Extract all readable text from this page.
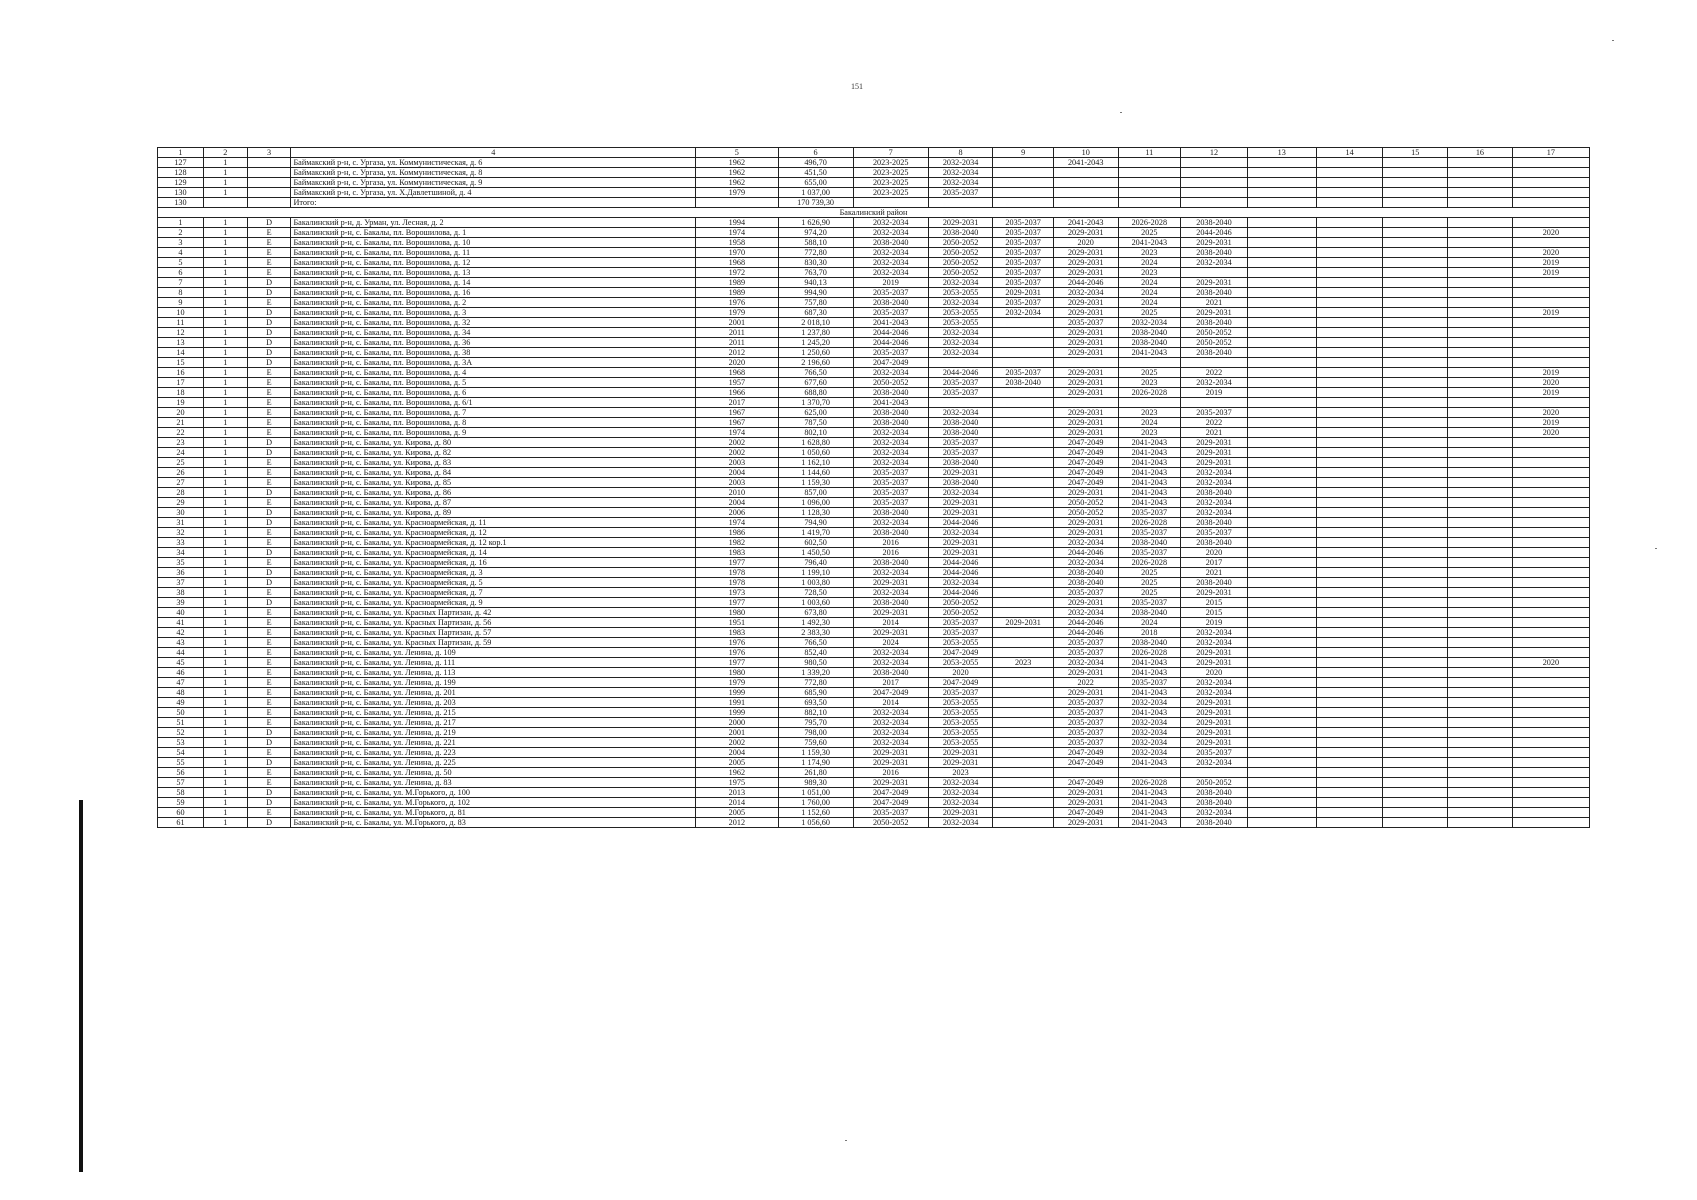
151
1	2	3	4	5	6	7	8	9	10	11	12	13	14	15	16	17
127	1		Баймакский р-н, с. Ургаза, ул. Коммунистическая, д. 6	1962	496,70	2023-2025	2032-2034		2041-2043							
128	1		Баймакский р-н, с. Ургаза, ул. Коммунистическая, д. 8	1962	451,50	2023-2025	2032-2034									
129	1		Баймакский р-н, с. Ургаза, ул. Коммунистическая, д. 9	1962	655,00	2023-2025	2032-2034									
130	1		Баймакский р-н, с. Ургаза, ул. Х.Давлетшиной, д. 4	1979	1 037,00	2023-2025	2035-2037									
130			Итого:		170 739,30											
Бакалинский район																
1	1	D	Бакалинский р-н, д. Урман, ул. Лесная, д. 2	1994	1 626,90	2032-2034	2029-2031	2035-2037	2041-2043	2026-2028	2038-2040					
2	1	E	Бакалинский р-н, с. Бакалы, пл. Ворошилова, д. 1	1974	974,20	2032-2034	2038-2040	2035-2037	2029-2031	2025	2044-2046					2020
3	1	E	Бакалинский р-н, с. Бакалы, пл. Ворошилова, д. 10	1958	588,10	2038-2040	2050-2052	2035-2037	2020	2041-2043	2029-2031					
4	1	E	Бакалинский р-н, с. Бакалы, пл. Ворошилова, д. 11	1970	772,80	2032-2034	2050-2052	2035-2037	2029-2031	2023	2038-2040					2020
5	1	E	Бакалинский р-н, с. Бакалы, пл. Ворошилова, д. 12	1968	830,30	2032-2034	2050-2052	2035-2037	2029-2031	2024	2032-2034					2019
6	1	E	Бакалинский р-н, с. Бакалы, пл. Ворошилова, д. 13	1972	763,70	2032-2034	2050-2052	2035-2037	2029-2031	2023						2019
7	1	D	Бакалинский р-н, с. Бакалы, пл. Ворошилова, д. 14	1989	940,13	2019	2032-2034	2035-2037	2044-2046	2024	2029-2031					
8	1	D	Бакалинский р-н, с. Бакалы, пл. Ворошилова, д. 16	1989	994,90	2035-2037	2053-2055	2029-2031	2032-2034	2024	2038-2040					
9	1	E	Бакалинский р-н, с. Бакалы, пл. Ворошилова, д. 2	1976	757,80	2038-2040	2032-2034	2035-2037	2029-2031	2024	2021					
10	1	D	Бакалинский р-н, с. Бакалы, пл. Ворошилова, д. 3	1979	687,30	2035-2037	2053-2055	2032-2034	2029-2031	2025	2029-2031					2019
11	1	D	Бакалинский р-н, с. Бакалы, пл. Ворошилова, д. 32	2001	2 018,10	2041-2043	2053-2055		2035-2037	2032-2034	2038-2040					
12	1	D	Бакалинский р-н, с. Бакалы, пл. Ворошилова, д. 34	2011	1 237,80	2044-2046	2032-2034		2029-2031	2038-2040	2050-2052					
13	1	D	Бакалинский р-н, с. Бакалы, пл. Ворошилова, д. 36	2011	1 245,20	2044-2046	2032-2034		2029-2031	2038-2040	2050-2052					
14	1	D	Бакалинский р-н, с. Бакалы, пл. Ворошилова, д. 38	2012	1 250,60	2035-2037	2032-2034		2029-2031	2041-2043	2038-2040					
15	1	D	Бакалинский р-н, с. Бакалы, пл. Ворошилова, д. 3А	2020	2 196,60	2047-2049										
16	1	E	Бакалинский р-н, с. Бакалы, пл. Ворошилова, д. 4	1968	766,50	2032-2034	2044-2046	2035-2037	2029-2031	2025	2022					2019
17	1	E	Бакалинский р-н, с. Бакалы, пл. Ворошилова, д. 5	1957	677,60	2050-2052	2035-2037	2038-2040	2029-2031	2023	2032-2034					2020
18	1	E	Бакалинский р-н, с. Бакалы, пл. Ворошилова, д. 6	1966	688,80	2038-2040	2035-2037		2029-2031	2026-2028	2019					2019
19	1	E	Бакалинский р-н, с. Бакалы, пл. Ворошилова, д. 6/1	2017	1 370,70	2041-2043										
20	1	E	Бакалинский р-н, с. Бакалы, пл. Ворошилова, д. 7	1967	625,00	2038-2040	2032-2034		2029-2031	2023	2035-2037					2020
21	1	E	Бакалинский р-н, с. Бакалы, пл. Ворошилова, д. 8	1967	787,50	2038-2040	2038-2040		2029-2031	2024	2022					2019
22	1	E	Бакалинский р-н, с. Бакалы, пл. Ворошилова, д. 9	1974	802,10	2032-2034	2038-2040		2029-2031	2023	2021					2020
23	1	D	Бакалинский р-н, с. Бакалы, ул. Кирова, д. 80	2002	1 628,80	2032-2034	2035-2037		2047-2049	2041-2043	2029-2031					
24	1	D	Бакалинский р-н, с. Бакалы, ул. Кирова, д. 82	2002	1 050,60	2032-2034	2035-2037		2047-2049	2041-2043	2029-2031					
25	1	E	Бакалинский р-н, с. Бакалы, ул. Кирова, д. 83	2003	1 162,10	2032-2034	2038-2040		2047-2049	2041-2043	2029-2031					
26	1	E	Бакалинский р-н, с. Бакалы, ул. Кирова, д. 84	2004	1 144,60	2035-2037	2029-2031		2047-2049	2041-2043	2032-2034					
27	1	E	Бакалинский р-н, с. Бакалы, ул. Кирова, д. 85	2003	1 159,30	2035-2037	2038-2040		2047-2049	2041-2043	2032-2034					
28	1	D	Бакалинский р-н, с. Бакалы, ул. Кирова, д. 86	2010	857,00	2035-2037	2032-2034		2029-2031	2041-2043	2038-2040					
29	1	E	Бакалинский р-н, с. Бакалы, ул. Кирова, д. 87	2004	1 096,00	2035-2037	2029-2031		2050-2052	2041-2043	2032-2034					
30	1	D	Бакалинский р-н, с. Бакалы, ул. Кирова, д. 89	2006	1 128,30	2038-2040	2029-2031		2050-2052	2035-2037	2032-2034					
31	1	D	Бакалинский р-н, с. Бакалы, ул. Красноармейская, д. 11	1974	794,90	2032-2034	2044-2046		2029-2031	2026-2028	2038-2040					
32	1	E	Бакалинский р-н, с. Бакалы, ул. Красноармейская, д. 12	1986	1 419,70	2038-2040	2032-2034		2029-2031	2035-2037	2035-2037					
33	1	E	Бакалинский р-н, с. Бакалы, ул. Красноармейская, д. 12 кор.1	1982	602,50	2016	2029-2031		2032-2034	2038-2040	2038-2040					
34	1	D	Бакалинский р-н, с. Бакалы, ул. Красноармейская, д. 14	1983	1 450,50	2016	2029-2031		2044-2046	2035-2037	2020					
35	1	E	Бакалинский р-н, с. Бакалы, ул. Красноармейская, д. 16	1977	796,40	2038-2040	2044-2046		2032-2034	2026-2028	2017					
36	1	D	Бакалинский р-н, с. Бакалы, ул. Красноармейская, д. 3	1978	1 199,10	2032-2034	2044-2046		2038-2040	2025	2021					
37	1	D	Бакалинский р-н, с. Бакалы, ул. Красноармейская, д. 5	1978	1 003,80	2029-2031	2032-2034		2038-2040	2025	2038-2040					
38	1	E	Бакалинский р-н, с. Бакалы, ул. Красноармейская, д. 7	1973	728,50	2032-2034	2044-2046		2035-2037	2025	2029-2031					
39	1	D	Бакалинский р-н, с. Бакалы, ул. Красноармейская, д. 9	1977	1 003,60	2038-2040	2050-2052		2029-2031	2035-2037	2015					
40	1	E	Бакалинский р-н, с. Бакалы, ул. Красных Партизан, д. 42	1980	673,80	2029-2031	2050-2052		2032-2034	2038-2040	2015					
41	1	E	Бакалинский р-н, с. Бакалы, ул. Красных Партизан, д. 56	1951	1 492,30	2014	2035-2037	2029-2031	2044-2046	2024	2019					
42	1	E	Бакалинский р-н, с. Бакалы, ул. Красных Партизан, д. 57	1983	2 383,30	2029-2031	2035-2037		2044-2046	2018	2032-2034					
43	1	E	Бакалинский р-н, с. Бакалы, ул. Красных Партизан, д. 59	1976	766,50	2024	2053-2055		2035-2037	2038-2040	2032-2034					
44	1	E	Бакалинский р-н, с. Бакалы, ул. Ленина, д. 109	1976	852,40	2032-2034	2047-2049		2035-2037	2026-2028	2029-2031					
45	1	E	Бакалинский р-н, с. Бакалы, ул. Ленина, д. 111	1977	980,50	2032-2034	2053-2055	2023	2032-2034	2041-2043	2029-2031					2020
46	1	E	Бакалинский р-н, с. Бакалы, ул. Ленина, д. 113	1980	1 339,20	2038-2040	2020		2029-2031	2041-2043	2020					
47	1	E	Бакалинский р-н, с. Бакалы, ул. Ленина, д. 199	1979	772,80	2017	2047-2049		2022	2035-2037	2032-2034					
48	1	E	Бакалинский р-н, с. Бакалы, ул. Ленина, д. 201	1999	685,90	2047-2049	2035-2037		2029-2031	2041-2043	2032-2034					
49	1	E	Бакалинский р-н, с. Бакалы, ул. Ленина, д. 203	1991	693,50	2014	2053-2055		2035-2037	2032-2034	2029-2031					
50	1	E	Бакалинский р-н, с. Бакалы, ул. Ленина, д. 215	1999	882,10	2032-2034	2053-2055		2035-2037	2041-2043	2029-2031					
51	1	E	Бакалинский р-н, с. Бакалы, ул. Ленина, д. 217	2000	795,70	2032-2034	2053-2055		2035-2037	2032-2034	2029-2031					
52	1	D	Бакалинский р-н, с. Бакалы, ул. Ленина, д. 219	2001	798,00	2032-2034	2053-2055		2035-2037	2032-2034	2029-2031					
53	1	D	Бакалинский р-н, с. Бакалы, ул. Ленина, д. 221	2002	759,60	2032-2034	2053-2055		2035-2037	2032-2034	2029-2031					
54	1	E	Бакалинский р-н, с. Бакалы, ул. Ленина, д. 223	2004	1 159,30	2029-2031	2029-2031		2047-2049	2032-2034	2035-2037					
55	1	D	Бакалинский р-н, с. Бакалы, ул. Ленина, д. 225	2005	1 174,90	2029-2031	2029-2031		2047-2049	2041-2043	2032-2034					
56	1	E	Бакалинский р-н, с. Бакалы, ул. Ленина, д. 50	1962	261,80	2016	2023									
57	1	E	Бакалинский р-н, с. Бакалы, ул. Ленина, д. 83	1975	989,30	2029-2031	2032-2034		2047-2049	2026-2028	2050-2052					
58	1	D	Бакалинский р-н, с. Бакалы, ул. М.Горького, д. 100	2013	1 051,00	2047-2049	2032-2034		2029-2031	2041-2043	2038-2040					
59	1	D	Бакалинский р-н, с. Бакалы, ул. М.Горького, д. 102	2014	1 760,00	2047-2049	2032-2034		2029-2031	2041-2043	2038-2040					
60	1	E	Бакалинский р-н, с. Бакалы, ул. М.Горького, д. 81	2005	1 152,60	2035-2037	2029-2031		2047-2049	2041-2043	2032-2034					
61	1	D	Бакалинский р-н, с. Бакалы, ул. М.Горького, д. 83	2012	1 056,60	2050-2052	2032-2034		2029-2031	2041-2043	2038-2040					
